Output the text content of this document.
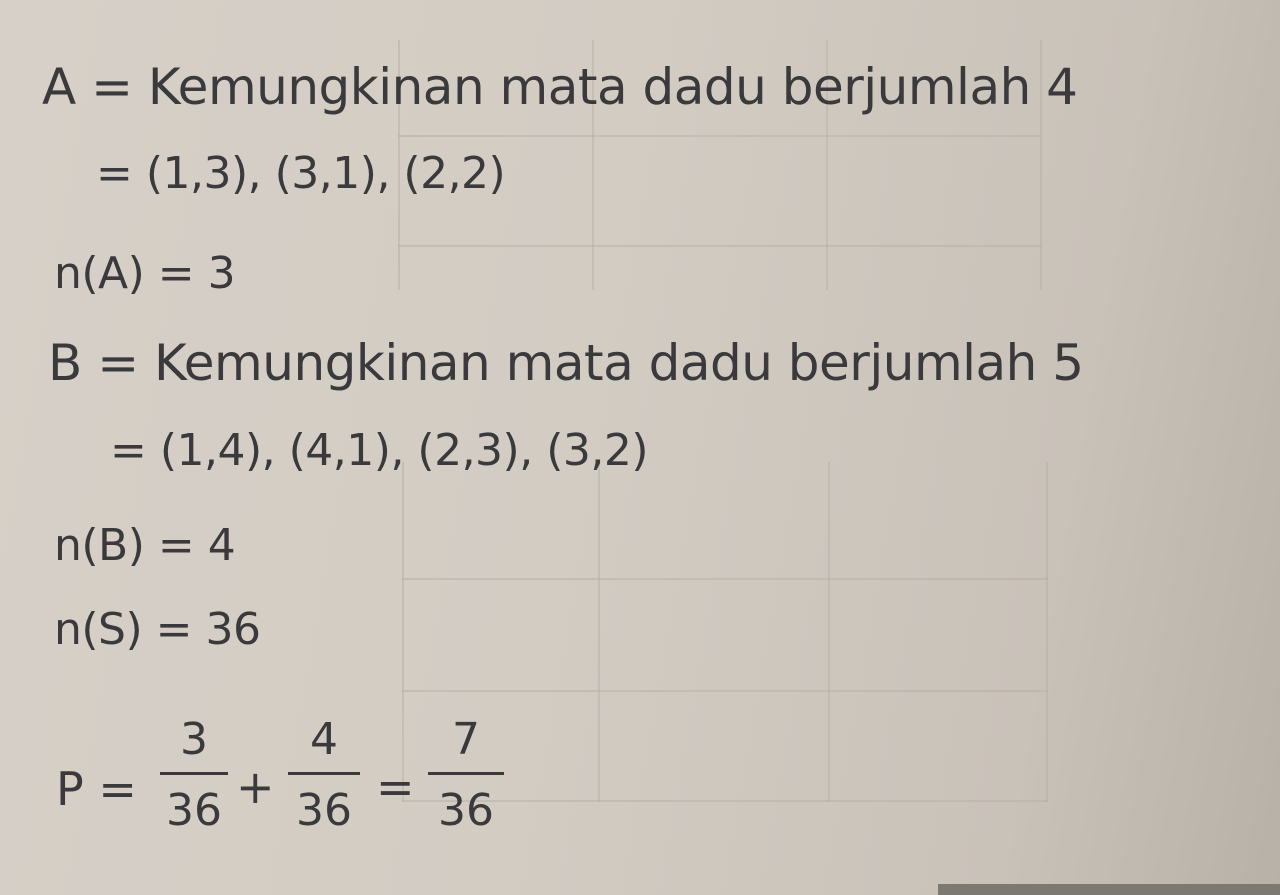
A = Kemungkinan mata dadu berjumlah 4
= (1,3), (3,1), (2,2)
n(A) = 3
B = Kemungkinan mata dadu berjumlah 5
= (1,4), (4,1), (2,3), (3,2)
n(B) = 4
n(S) = 36
P =
3
36 +
4
36 =
7
36
